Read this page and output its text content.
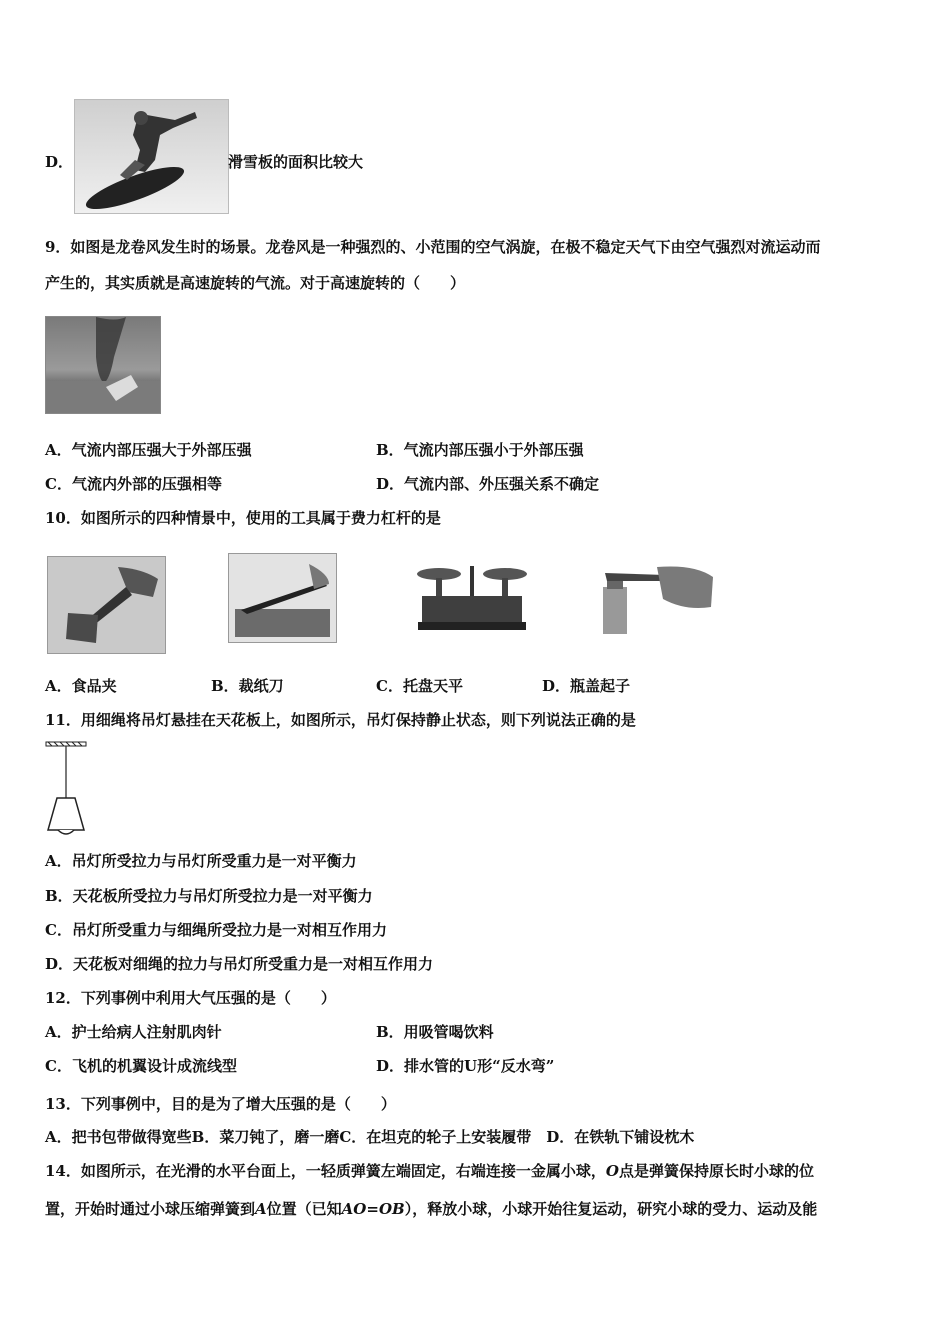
D．	滑雪板的面积比较大
9．如图是龙卷风发生时的场景。龙卷风是一种强烈的、小范围的空气涡旋，在极不稳定天气下由空气强烈对流运动而
产生的，其实质就是高速旋转的气流。对于高速旋转的（　　）
A．气流内部压强大于外部压强	B．气流内部压强小于外部压强
C．气流内外部的压强相等	D．气流内部、外压强关系不确定
10．如图所示的四种情景中，使用的工具属于费力杠杆的是
A．食品夹	B．裁纸刀	C．托盘天平	D．瓶盖起子
11．用细绳将吊灯悬挂在天花板上，如图所示，吊灯保持静止状态，则下列说法正确的是
A．吊灯所受拉力与吊灯所受重力是一对平衡力
B．天花板所受拉力与吊灯所受拉力是一对平衡力
C．吊灯所受重力与细绳所受拉力是一对相互作用力
D．天花板对细绳的拉力与吊灯所受重力是一对相互作用力
12．下列事例中利用大气压强的是（　　）
A．护士给病人注射肌肉针	B．用吸管喝饮料
C．飞机的机翼设计成流线型	D．排水管的U形“反水弯”
13．下列事例中，目的是为了增大压强的是（　　）
A．把书包带做得宽些B．菜刀钝了，磨一磨C．在坦克的轮子上安装履带　D．在铁轨下铺设枕木
14．如图所示，在光滑的水平台面上，一轻质弹簧左端固定，右端连接一金属小球，O点是弹簧保持原长时小球的位
置，开始时通过小球压缩弹簧到A位置（已知AO=OB），释放小球，小球开始往复运动，研究小球的受力、运动及能
